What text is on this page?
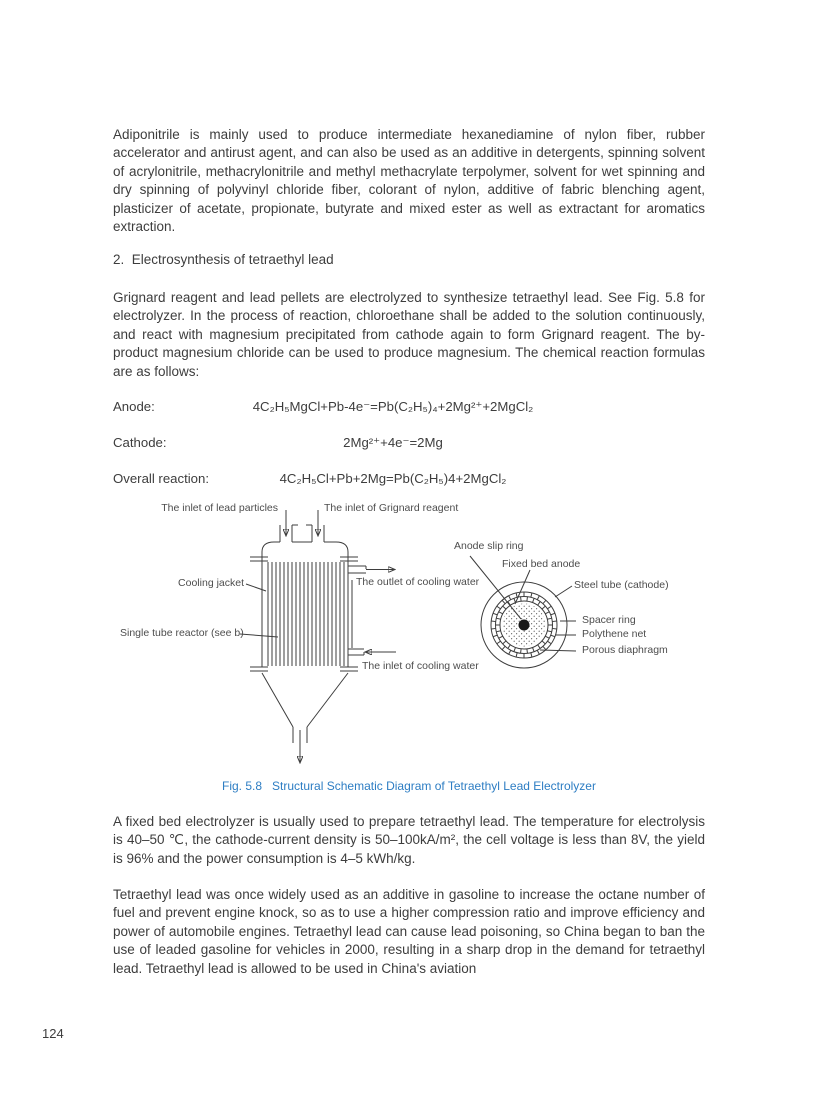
Adiponitrile is mainly used to produce intermediate hexanediamine of nylon fiber, rubber accelerator and antirust agent, and can also be used as an additive in detergents, spinning solvent of acrylonitrile, methacrylonitrile and methyl methacrylate terpolymer, solvent for wet spinning and dry spinning of polyvinyl chloride fiber, colorant of nylon, additive of fabric blenching agent, plasticizer of acetate, propionate, butyrate and mixed ester as well as extractant for aromatics extraction.

2.  Electrosynthesis of tetraethyl lead

Grignard reagent and lead pellets are electrolyzed to synthesize tetraethyl lead. See Fig. 5.8 for electrolyzer. In the process of reaction, chloroethane shall be added to the solution continuously, and react with magnesium precipitated from cathode again to form Grignard reagent. The by-product magnesium chloride can be used to produce magnesium. The chemical reaction formulas are as follows:

Anode:	4C₂H₅MgCl+Pb-4e⁻=Pb(C₂H₅)₄+2Mg²⁺+2MgCl₂
Cathode:	2Mg²⁺+4e⁻=2Mg
Overall reaction:	4C₂H₅Cl+Pb+2Mg=Pb(C₂H₅)4+2MgCl₂
The inlet of lead particles	The inlet of Grignard reagent
Cooling jacket
Single tube reactor (see b)
The outlet of cooling water
The inlet of cooling water
Anode slip ring
Fixed bed anode
Steel tube (cathode)
Spacer ring
Polythene net
Porous diaphragm
Fig. 5.8   Structural Schematic Diagram of Tetraethyl Lead Electrolyzer

A fixed bed electrolyzer is usually used to prepare tetraethyl lead. The temperature for electrolysis is 40–50 ℃, the cathode-current density is 50–100kA/m², the cell voltage is less than 8V, the yield is 96% and the power consumption is 4–5 kWh/kg.

Tetraethyl lead was once widely used as an additive in gasoline to increase the octane number of fuel and prevent engine knock, so as to use a higher compression ratio and improve efficiency and power of automobile engines. Tetraethyl lead can cause lead poisoning, so China began to ban the use of leaded gasoline for vehicles in 2000, resulting in a sharp drop in the demand for tetraethyl lead. Tetraethyl lead is allowed to be used in China's aviation

124
